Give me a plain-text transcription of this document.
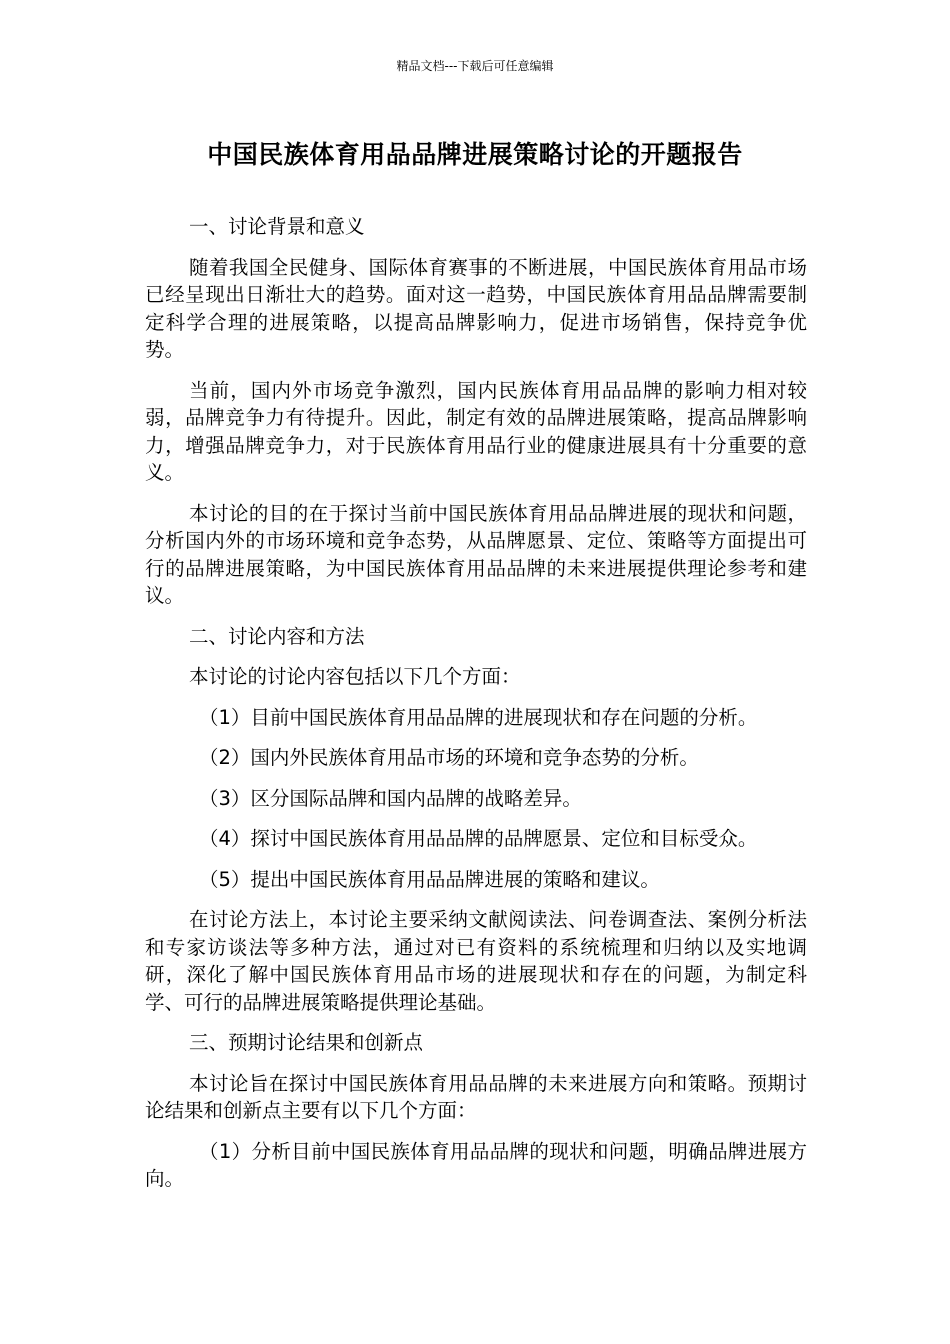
精品文档---下载后可任意编辑
中国民族体育用品品牌进展策略讨论的开题报告

一、讨论背景和意义

随着我国全民健身、国际体育赛事的不断进展，中国民族体育用品市场已经呈现出日渐壮大的趋势。面对这一趋势，中国民族体育用品品牌需要制定科学合理的进展策略，以提高品牌影响力，促进市场销售，保持竞争优势。

当前，国内外市场竞争激烈，国内民族体育用品品牌的影响力相对较弱，品牌竞争力有待提升。因此，制定有效的品牌进展策略，提高品牌影响力，增强品牌竞争力，对于民族体育用品行业的健康进展具有十分重要的意义。

本讨论的目的在于探讨当前中国民族体育用品品牌进展的现状和问题，分析国内外的市场环境和竞争态势，从品牌愿景、定位、策略等方面提出可行的品牌进展策略，为中国民族体育用品品牌的未来进展提供理论参考和建议。

二、讨论内容和方法

本讨论的讨论内容包括以下几个方面：

（1）目前中国民族体育用品品牌的进展现状和存在问题的分析。

（2）国内外民族体育用品市场的环境和竞争态势的分析。

（3）区分国际品牌和国内品牌的战略差异。

（4）探讨中国民族体育用品品牌的品牌愿景、定位和目标受众。

（5）提出中国民族体育用品品牌进展的策略和建议。

在讨论方法上，本讨论主要采纳文献阅读法、问卷调查法、案例分析法和专家访谈法等多种方法，通过对已有资料的系统梳理和归纳以及实地调研，深化了解中国民族体育用品市场的进展现状和存在的问题，为制定科学、可行的品牌进展策略提供理论基础。

三、预期讨论结果和创新点

本讨论旨在探讨中国民族体育用品品牌的未来进展方向和策略。预期讨论结果和创新点主要有以下几个方面：

（1）分析目前中国民族体育用品品牌的现状和问题，明确品牌进展方向。
